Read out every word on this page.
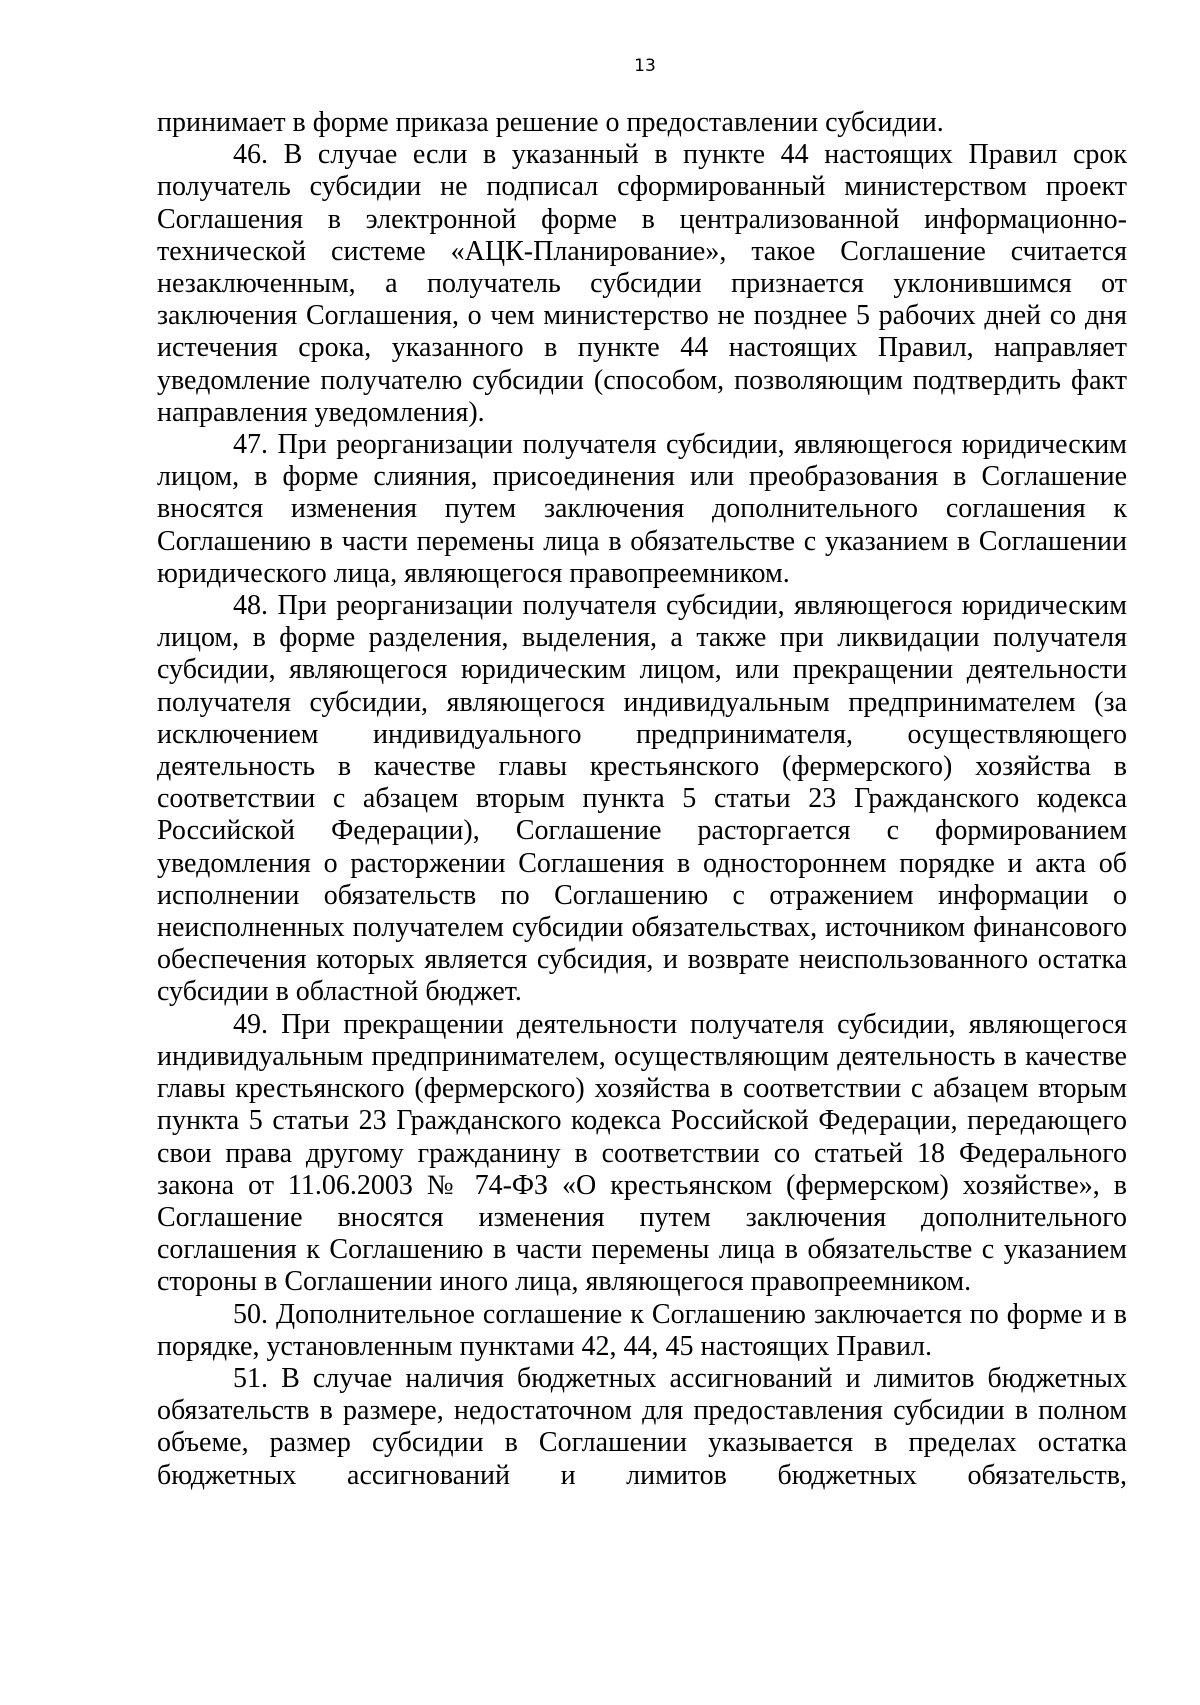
13

принимает в форме приказа решение о предоставлении субсидии.

46. В случае если в указанный в пункте 44 настоящих Правил срок получатель субсидии не подписал сформированный министерством проект Соглашения в электронной форме в централизованной информационно-технической системе «АЦК-Планирование», такое Соглашение считается незаключенным, а получатель субсидии признается уклонившимся от заключения Соглашения, о чем министерство не позднее 5 рабочих дней со дня истечения срока, указанного в пункте 44 настоящих Правил, направляет уведомление получателю субсидии (способом, позволяющим подтвердить факт направления уведомления).

47. При реорганизации получателя субсидии, являющегося юридическим лицом, в форме слияния, присоединения или преобразования в Соглашение вносятся изменения путем заключения дополнительного соглашения к Соглашению в части перемены лица в обязательстве с указанием в Соглашении юридического лица, являющегося правопреемником.

48. При реорганизации получателя субсидии, являющегося юридическим лицом, в форме разделения, выделения, а также при ликвидации получателя субсидии, являющегося юридическим лицом, или прекращении деятельности получателя субсидии, являющегося индивидуальным предпринимателем (за исключением индивидуального предпринимателя, осуществляющего деятельность в качестве главы крестьянского (фермерского) хозяйства в соответствии с абзацем вторым пункта 5 статьи 23 Гражданского кодекса Российской Федерации), Соглашение расторгается с формированием уведомления о расторжении Соглашения в одностороннем порядке и акта об исполнении обязательств по Соглашению с отражением информации о неисполненных получателем субсидии обязательствах, источником финансового обеспечения которых является субсидия, и возврате неиспользованного остатка субсидии в областной бюджет.

49. При прекращении деятельности получателя субсидии, являющегося индивидуальным предпринимателем, осуществляющим деятельность в качестве главы крестьянского (фермерского) хозяйства в соответствии с абзацем вторым пункта 5 статьи 23 Гражданского кодекса Российской Федерации, передающего свои права другому гражданину в соответствии со статьей 18 Федерального закона от 11.06.2003 № 74-ФЗ «О крестьянском (фермерском) хозяйстве», в Соглашение вносятся изменения путем заключения дополнительного соглашения к Соглашению в части перемены лица в обязательстве с указанием стороны в Соглашении иного лица, являющегося правопреемником.

50. Дополнительное соглашение к Соглашению заключается по форме и в порядке, установленным пунктами 42, 44, 45 настоящих Правил.

51. В случае наличия бюджетных ассигнований и лимитов бюджетных обязательств в размере, недостаточном для предоставления субсидии в полном объеме, размер субсидии в Соглашении указывается в пределах остатка бюджетных ассигнований и лимитов бюджетных обязательств,
